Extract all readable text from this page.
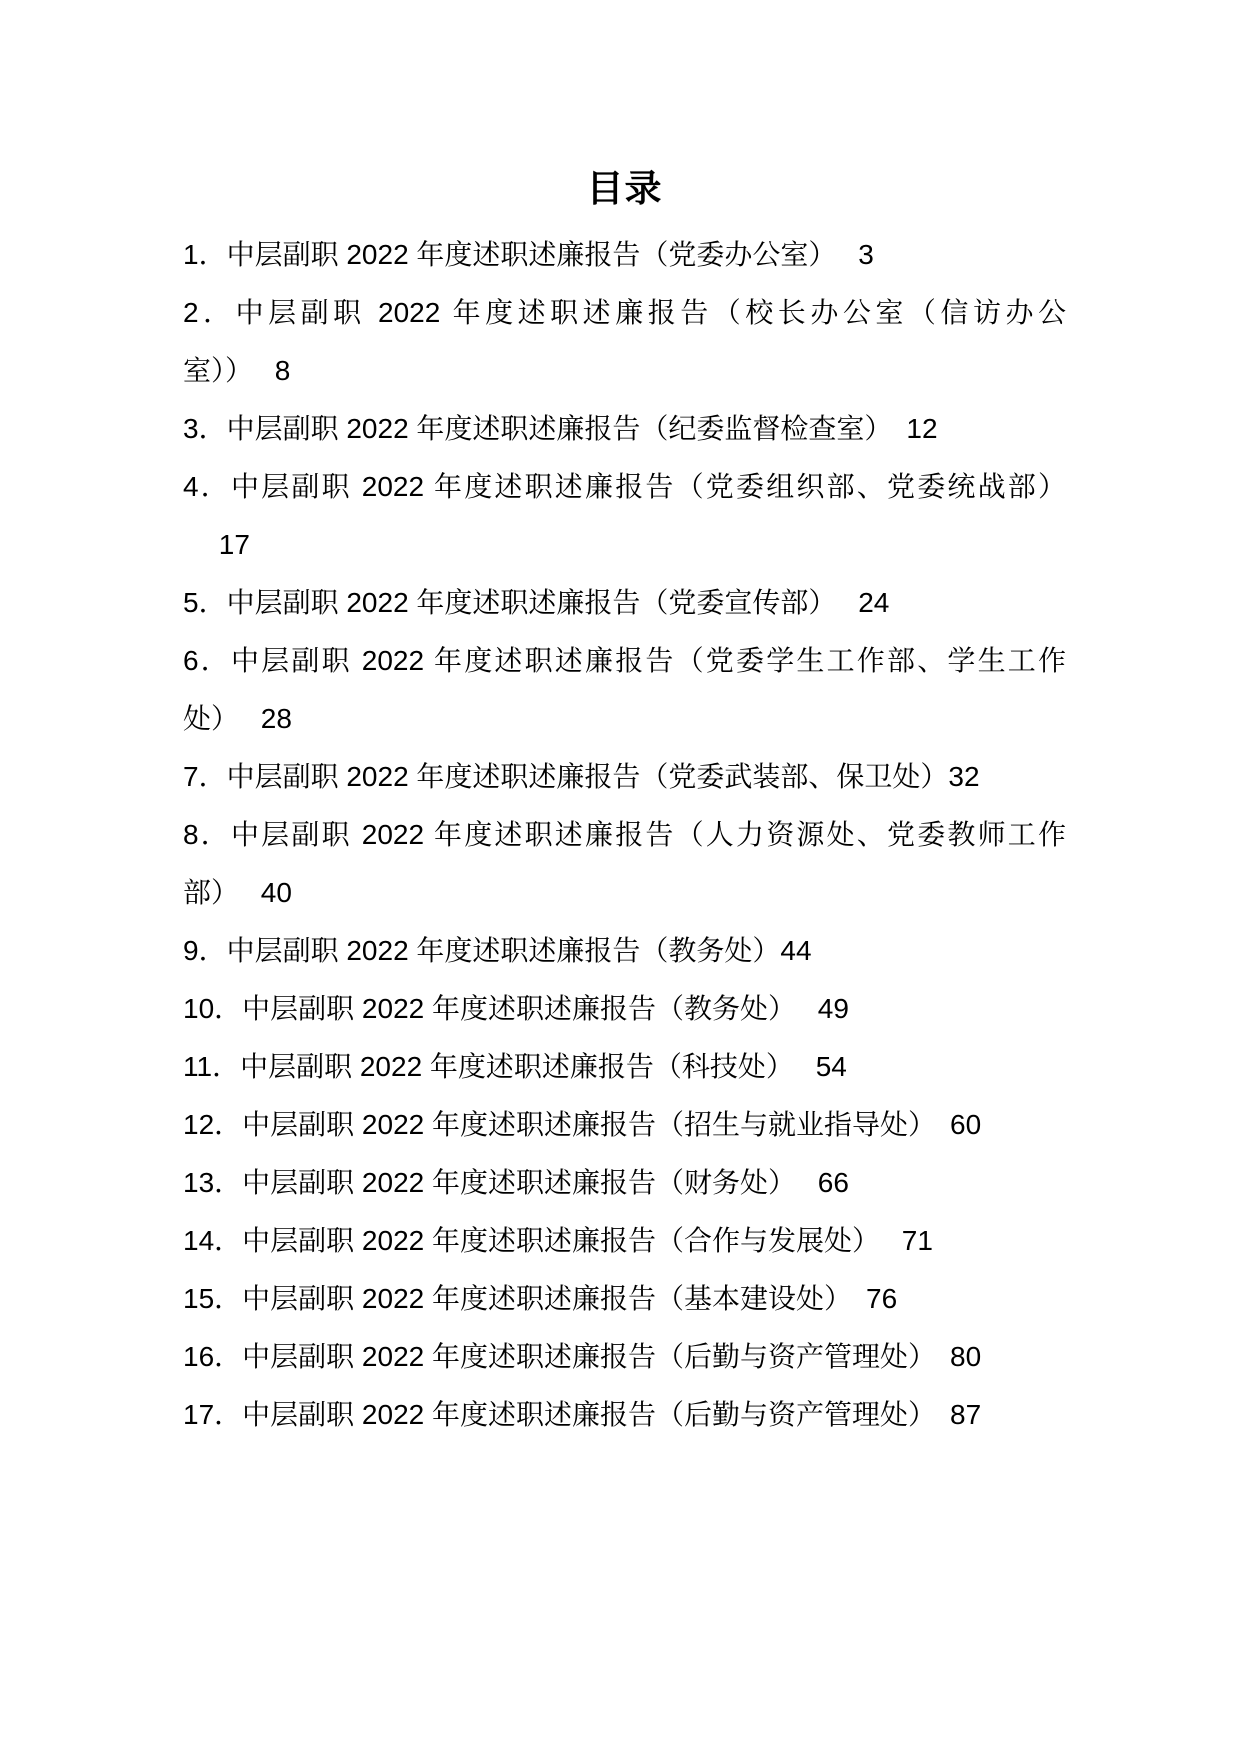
目录
1．中层副职 2022 年度述职述廉报告（党委办公室）　 3
2．中层副职 2022 年度述职述廉报告（校长办公室（信访办公
室））　 8
3．中层副职 2022 年度述职述廉报告（纪委监督检查室）　12
4．中层副职 2022 年度述职述廉报告（党委组织部、党委统战部）
　 17
5．中层副职 2022 年度述职述廉报告（党委宣传部）　 24
6．中层副职 2022 年度述职述廉报告（党委学生工作部、学生工作
处）　 28
7．中层副职 2022 年度述职述廉报告（党委武装部、保卫处）32
8．中层副职 2022 年度述职述廉报告（人力资源处、党委教师工作
部）　 40
9．中层副职 2022 年度述职述廉报告（教务处）44
10．中层副职 2022 年度述职述廉报告（教务处）　 49
11．中层副职 2022 年度述职述廉报告（科技处）　 54
12．中层副职 2022 年度述职述廉报告（招生与就业指导处）　60
13．中层副职 2022 年度述职述廉报告（财务处）　 66
14．中层副职 2022 年度述职述廉报告（合作与发展处）　 71
15．中层副职 2022 年度述职述廉报告（基本建设处）　76
16．中层副职 2022 年度述职述廉报告（后勤与资产管理处）　80
17．中层副职 2022 年度述职述廉报告（后勤与资产管理处）　87
